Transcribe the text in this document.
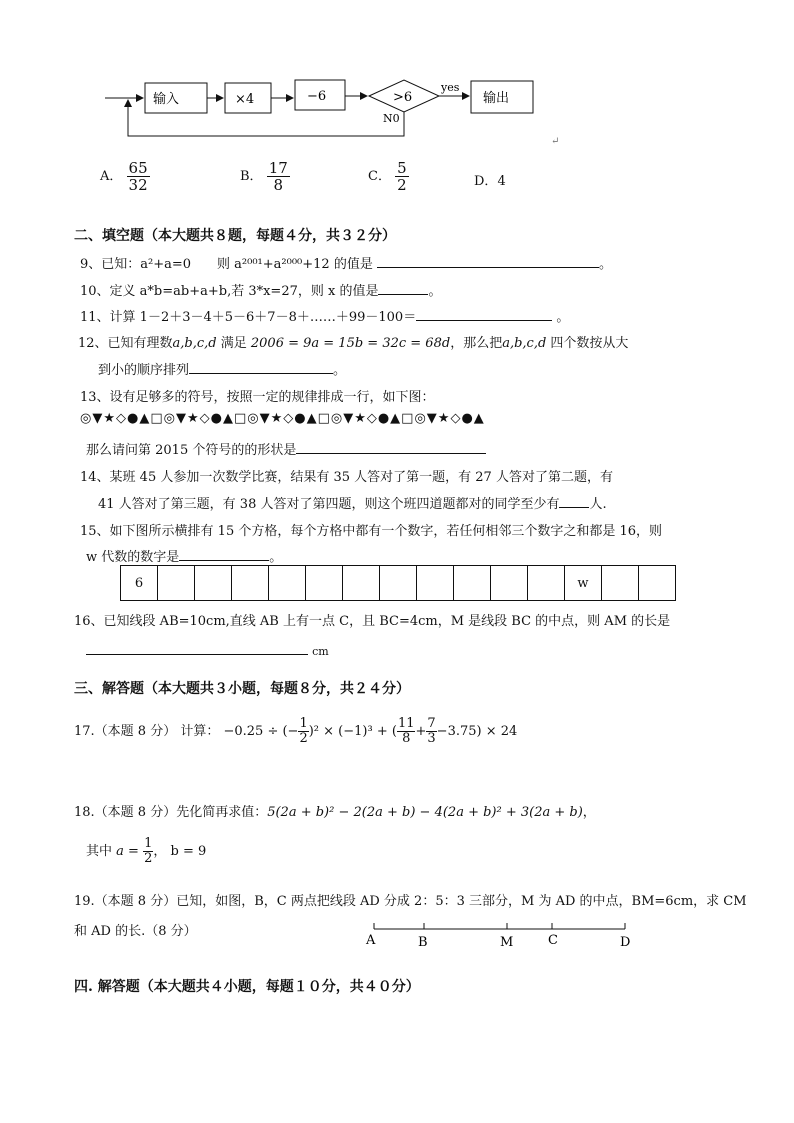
输入	×4	−6	>6
yes
输出
N0
↵
A． $\frac{65}{32}$	B． $\frac{17}{8}$	C． $\frac{5}{2}$	D．4
二、填空题（本大题共８题，每题４分，共３２分）
9、已知：a²+a=0　　则 a²⁰⁰¹+a²⁰⁰⁰+12 的值是	。
10、定义 a*b=ab+a+b,若 3*x=27，则 x 的值是	。
11、计算 1－2＋3－4＋5－6＋7－8＋……＋99－100＝	。
12、已知有理数a,b,c,d 满足 2006 = 9a = 15b = 32c = 68d，那么把a,b,c,d 四个数按从大
到小的顺序排列	。
13、设有足够多的符号，按照一定的规律排成一行，如下图：
◎▼★◇●▲□◎▼★◇●▲□◎▼★◇●▲□◎▼★◇●▲□◎▼★◇●▲
那么请问第 2015 个符号的的形状是
14、某班 45 人参加一次数学比赛，结果有 35 人答对了第一题，有 27 人答对了第二题，有
41 人答对了第三题，有 38 人答对了第四题，则这个班四道题都对的同学至少有 人.
15、如下图所示横排有 15 个方格，每个方格中都有一个数字，若任何相邻三个数字之和都是 16，则
w 代数的数字是	。
6												w		
16、已知线段 AB=10cm,直线 AB 上有一点 C，且 BC=4cm，M 是线段 BC 的中点，则 AM 的长是
cm
三、解答题（本大题共３小题，每题８分，共２４分）
17.（本题 8 分） 计算： −0.25 ÷ (− $\frac{1}{2} )^2 \times (-1)^3$ + ( $\frac{11}{8} + \frac{7}{3} -3.75) \times 24$
18.（本题 8 分）先化简再求值：5(2a + b)² − 2(2a + b) − 4(2a + b)² + 3(2a + b)，
其中 $a = \frac{1}{2}$ ， b = 9
19.（本题 8 分）已知，如图，B，C 两点把线段 AD 分成 2：5：3 三部分，M 为 AD 的中点，BM=6cm，求 CM
和 AD 的长.（8 分）
A	B	M	C	D
四. 解答题（本大题共４小题，每题１０分，共４０分）
